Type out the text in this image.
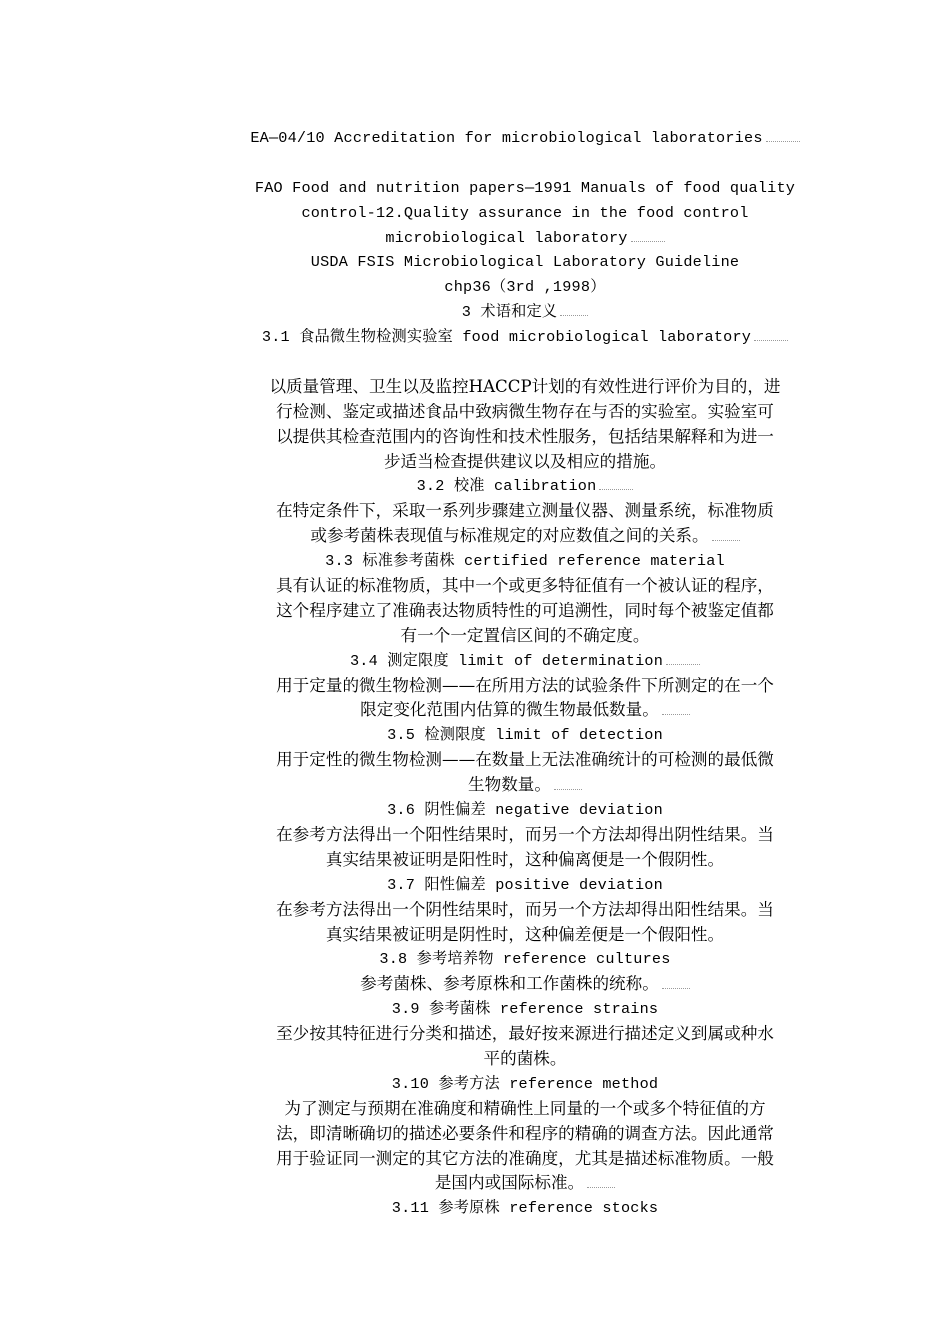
EA—04/10 Accreditation for microbiological laboratories
FAO Food and nutrition papers—1991 Manuals of food quality
control-12.Quality assurance in the food control
microbiological laboratory
USDA FSIS Microbiological Laboratory Guideline
chp36（3rd ,1998）
3 术语和定义
3.1 食品微生物检测实验室 food microbiological laboratory
以质量管理、卫生以及监控HACCP计划的有效性进行评价为目的，进
行检测、鉴定或描述食品中致病微生物存在与否的实验室。实验室可
以提供其检查范围内的咨询性和技术性服务，包括结果解释和为进一
步适当检查提供建议以及相应的措施。
3.2 校准 calibration
在特定条件下，采取一系列步骤建立测量仪器、测量系统，标准物质
或参考菌株表现值与标准规定的对应数值之间的关系。
3.3 标准参考菌株 certified reference material
具有认证的标准物质，其中一个或更多特征值有一个被认证的程序，
这个程序建立了准确表达物质特性的可追溯性，同时每个被鉴定值都
有一个一定置信区间的不确定度。
3.4 测定限度 limit of determination
用于定量的微生物检测——在所用方法的试验条件下所测定的在一个
限定变化范围内估算的微生物最低数量。
3.5 检测限度 limit of detection
用于定性的微生物检测——在数量上无法准确统计的可检测的最低微
生物数量。
3.6 阴性偏差 negative deviation
在参考方法得出一个阳性结果时，而另一个方法却得出阴性结果。当
真实结果被证明是阳性时，这种偏离便是一个假阴性。
3.7 阳性偏差 positive deviation
在参考方法得出一个阴性结果时，而另一个方法却得出阳性结果。当
真实结果被证明是阴性时，这种偏差便是一个假阳性。
3.8 参考培养物 reference cultures
参考菌株、参考原株和工作菌株的统称。
3.9 参考菌株 reference strains
至少按其特征进行分类和描述，最好按来源进行描述定义到属或种水
平的菌株。
3.10 参考方法 reference method
为了测定与预期在准确度和精确性上同量的一个或多个特征值的方
法，即清晰确切的描述必要条件和程序的精确的调查方法。因此通常
用于验证同一测定的其它方法的准确度，尤其是描述标准物质。一般
是国内或国际标准。
3.11 参考原株 reference stocks
